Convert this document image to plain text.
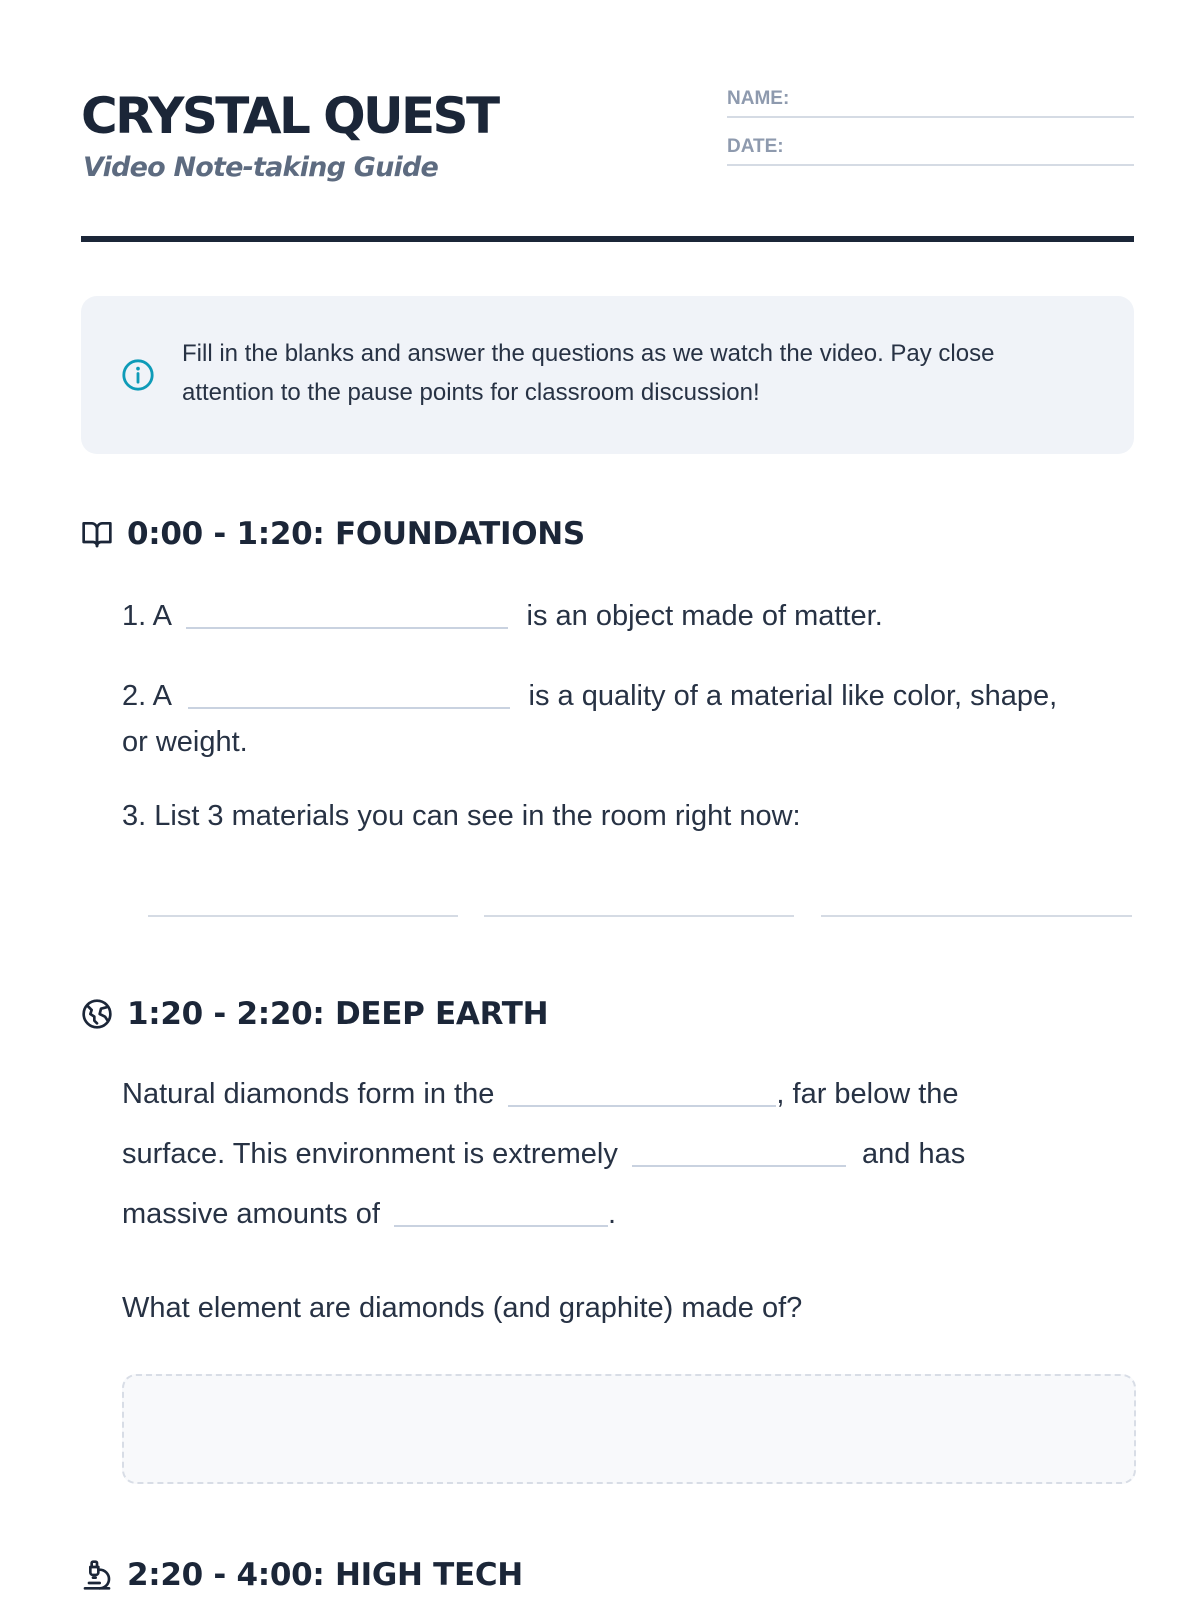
CRYSTAL QUEST
Video Note-taking Guide
NAME:
DATE:
Fill in the blanks and answer the questions as we watch the video. Pay close attention to the pause points for classroom discussion!
0:00 - 1:20: FOUNDATIONS
1. A	is an object made of matter.
2. A	is a quality of a material like color, shape,
or weight.
3. List 3 materials you can see in the room right now:
1:20 - 2:20: DEEP EARTH
Natural diamonds form in the	, far below the
surface. This environment is extremely	and has
massive amounts of	.
What element are diamonds (and graphite) made of?
2:20 - 4:00: HIGH TECH
